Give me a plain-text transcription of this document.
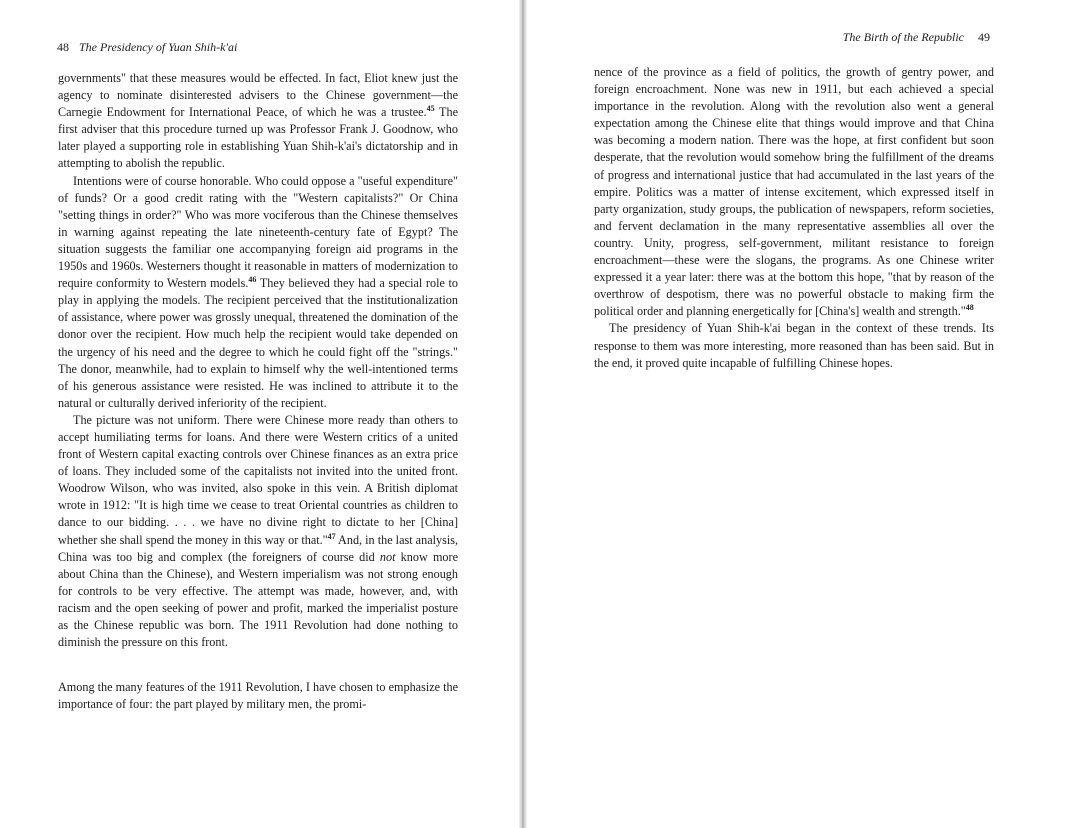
48 The Presidency of Yuan Shih-k'ai

governments" that these measures would be effected. In fact, Eliot knew just the agency to nominate disinterested advisers to the Chinese government—the Carnegie Endowment for International Peace, of which he was a trustee.$^{45}$ The first adviser that this procedure turned up was Professor Frank J. Goodnow, who later played a supporting role in establishing Yuan Shih-k'ai's dictatorship and in attempting to abolish the republic.

Intentions were of course honorable. Who could oppose a "useful expenditure" of funds? Or a good credit rating with the "Western capitalists?" Or China "setting things in order?" Who was more vociferous than the Chinese themselves in warning against repeating the late nineteenth-century fate of Egypt? The situation suggests the familiar one accompanying foreign aid programs in the 1950s and 1960s. Westerners thought it reasonable in matters of modernization to require conformity to Western models.$^{46}$ They believed they had a special role to play in applying the models. The recipient perceived that the institutionalization of assistance, where power was grossly unequal, threatened the domination of the donor over the recipient. How much help the recipient would take depended on the urgency of his need and the degree to which he could fight off the "strings." The donor, meanwhile, had to explain to himself why the well-intentioned terms of his generous assistance were resisted. He was inclined to attribute it to the natural or culturally derived inferiority of the recipient.

The picture was not uniform. There were Chinese more ready than others to accept humiliating terms for loans. And there were Western critics of a united front of Western capital exacting controls over Chinese finances as an extra price of loans. They included some of the capitalists not invited into the united front. Woodrow Wilson, who was invited, also spoke in this vein. A British diplomat wrote in 1912: "It is high time we cease to treat Oriental countries as children to dance to our bidding. . . . we have no divine right to dictate to her [China] whether she shall spend the money in this way or that."$^{47}$ And, in the last analysis, China was too big and complex (the foreigners of course did not know more about China than the Chinese), and Western imperialism was not strong enough for controls to be very effective. The attempt was made, however, and, with racism and the open seeking of power and profit, marked the imperialist posture as the Chinese republic was born. The 1911 Revolution had done nothing to diminish the pressure on this front.

Among the many features of the 1911 Revolution, I have chosen to emphasize the importance of four: the part played by military men, the promi-

The Birth of the Republic 49

nence of the province as a field of politics, the growth of gentry power, and foreign encroachment. None was new in 1911, but each achieved a special importance in the revolution. Along with the revolution also went a general expectation among the Chinese elite that things would improve and that China was becoming a modern nation. There was the hope, at first confident but soon desperate, that the revolution would somehow bring the fulfillment of the dreams of progress and international justice that had accumulated in the last years of the empire. Politics was a matter of intense excitement, which expressed itself in party organization, study groups, the publication of newspapers, reform societies, and fervent declamation in the many representative assemblies all over the country. Unity, progress, self-government, militant resistance to foreign encroachment—these were the slogans, the programs. As one Chinese writer expressed it a year later: there was at the bottom this hope, "that by reason of the overthrow of despotism, there was no powerful obstacle to making firm the political order and planning energetically for [China's] wealth and strength."$^{48}$

The presidency of Yuan Shih-k'ai began in the context of these trends. Its response to them was more interesting, more reasoned than has been said. But in the end, it proved quite incapable of fulfilling Chinese hopes.
